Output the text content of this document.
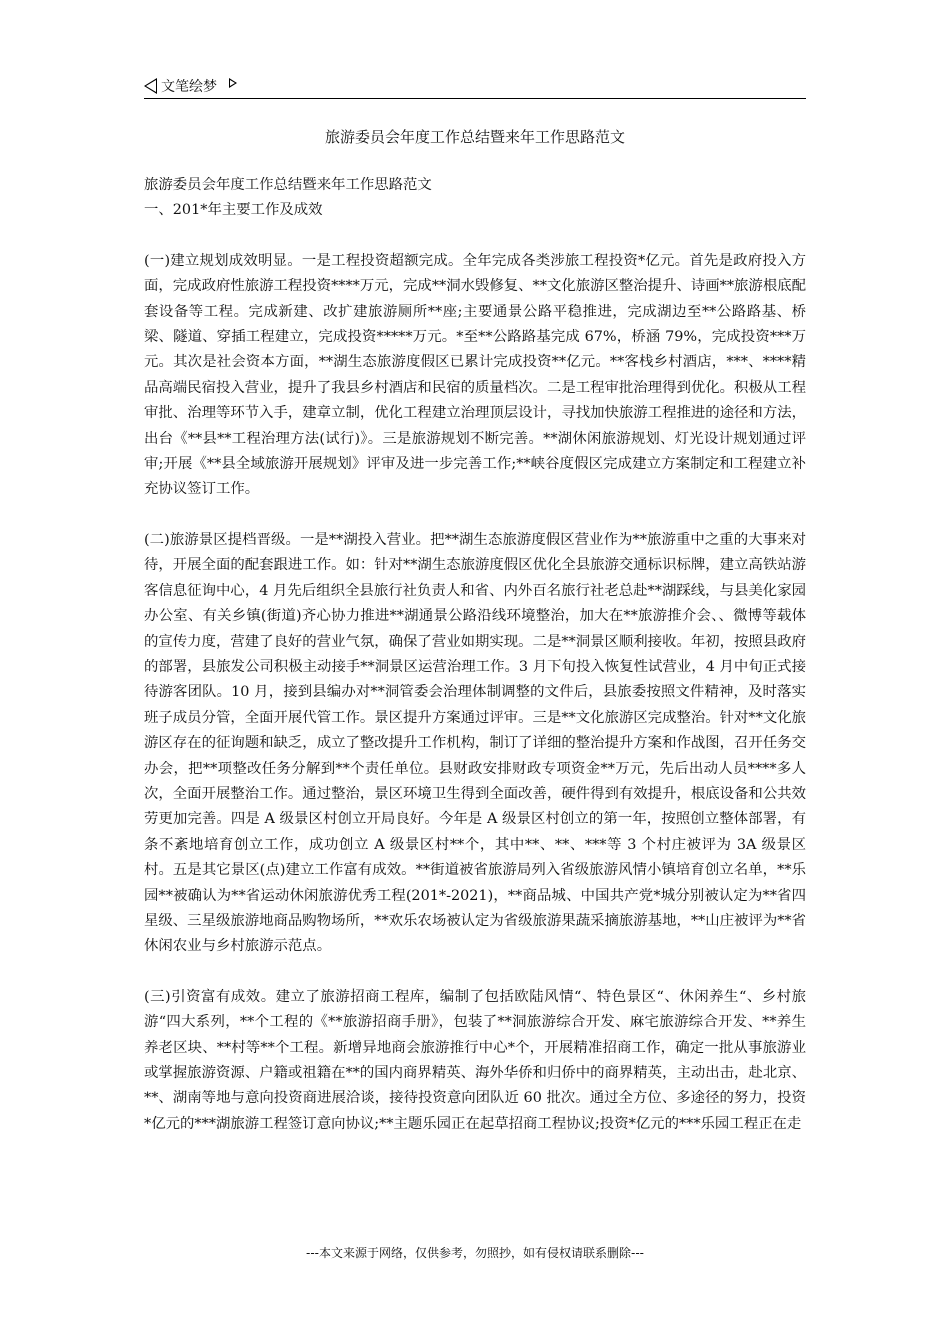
文笔绘梦
旅游委员会年度工作总结暨来年工作思路范文

旅游委员会年度工作总结暨来年工作思路范文

一、201*年主要工作及成效

(一)建立规划成效明显。一是工程投资超额完成。全年完成各类涉旅工程投资*亿元。首先是政府投入方面，完成政府性旅游工程投资****万元，完成**洞水毁修复、**文化旅游区整治提升、诗画**旅游根底配套设备等工程。完成新建、改扩建旅游厕所**座;主要通景公路平稳推进，完成湖边至**公路路基、桥梁、隧道、穿插工程建立，完成投资*****万元。*至**公路路基完成 67%，桥涵 79%，完成投资***万元。其次是社会资本方面，**湖生态旅游度假区已累计完成投资**亿元。**客栈乡村酒店，***、****精品高端民宿投入营业，提升了我县乡村酒店和民宿的质量档次。二是工程审批治理得到优化。积极从工程审批、治理等环节入手，建章立制，优化工程建立治理顶层设计，寻找加快旅游工程推进的途径和方法，出台《**县**工程治理方法(试行)》。三是旅游规划不断完善。**湖休闲旅游规划、灯光设计规划通过评审;开展《**县全域旅游开展规划》评审及进一步完善工作;**峡谷度假区完成建立方案制定和工程建立补充协议签订工作。

(二)旅游景区提档晋级。一是**湖投入营业。把**湖生态旅游度假区营业作为**旅游重中之重的大事来对待，开展全面的配套跟进工作。如：针对**湖生态旅游度假区优化全县旅游交通标识标牌，建立高铁站游客信息征询中心，4 月先后组织全县旅行社负责人和省、内外百名旅行社老总赴**湖踩线，与县美化家园办公室、有关乡镇(街道)齐心协力推进**湖通景公路沿线环境整治，加大在**旅游推介会、、微博等载体的宣传力度，营建了良好的营业气氛，确保了营业如期实现。二是**洞景区顺利接收。年初，按照县政府的部署，县旅发公司积极主动接手**洞景区运营治理工作。3 月下旬投入恢复性试营业，4 月中旬正式接待游客团队。10 月，接到县编办对**洞管委会治理体制调整的文件后，县旅委按照文件精神，及时落实班子成员分管，全面开展代管工作。景区提升方案通过评审。三是**文化旅游区完成整治。针对**文化旅游区存在的征询题和缺乏，成立了整改提升工作机构，制订了详细的整治提升方案和作战图，召开任务交办会，把**项整改任务分解到**个责任单位。县财政安排财政专项资金**万元，先后出动人员****多人次，全面开展整治工作。通过整治，景区环境卫生得到全面改善，硬件得到有效提升，根底设备和公共效劳更加完善。四是 A 级景区村创立开局良好。今年是 A 级景区村创立的第一年，按照创立整体部署，有条不紊地培育创立工作，成功创立 A 级景区村**个，其中**、**、***等 3 个村庄被评为 3A 级景区村。五是其它景区(点)建立工作富有成效。**街道被省旅游局列入省级旅游风情小镇培育创立名单，**乐园**被确认为**省运动休闲旅游优秀工程(201*-2021)，**商品城、中国共产党*城分别被认定为**省四星级、三星级旅游地商品购物场所，**欢乐农场被认定为省级旅游果蔬采摘旅游基地，**山庄被评为**省休闲农业与乡村旅游示范点。

(三)引资富有成效。建立了旅游招商工程库，编制了包括欧陆风情“、特色景区“、休闲养生“、乡村旅游“四大系列，**个工程的《**旅游招商手册》，包装了**洞旅游综合开发、麻宅旅游综合开发、**养生养老区块、**村等**个工程。新增异地商会旅游推行中心*个，开展精准招商工作，确定一批从事旅游业或掌握旅游资源、户籍或祖籍在**的国内商界精英、海外华侨和归侨中的商界精英，主动出击，赴北京、**、湖南等地与意向投资商进展洽谈，接待投资意向团队近 60 批次。通过全方位、多途径的努力，投资*亿元的***湖旅游工程签订意向协议;**主题乐园正在起草招商工程协议;投资*亿元的***乐园工程正在走

---本文来源于网络，仅供参考，勿照抄，如有侵权请联系删除---
